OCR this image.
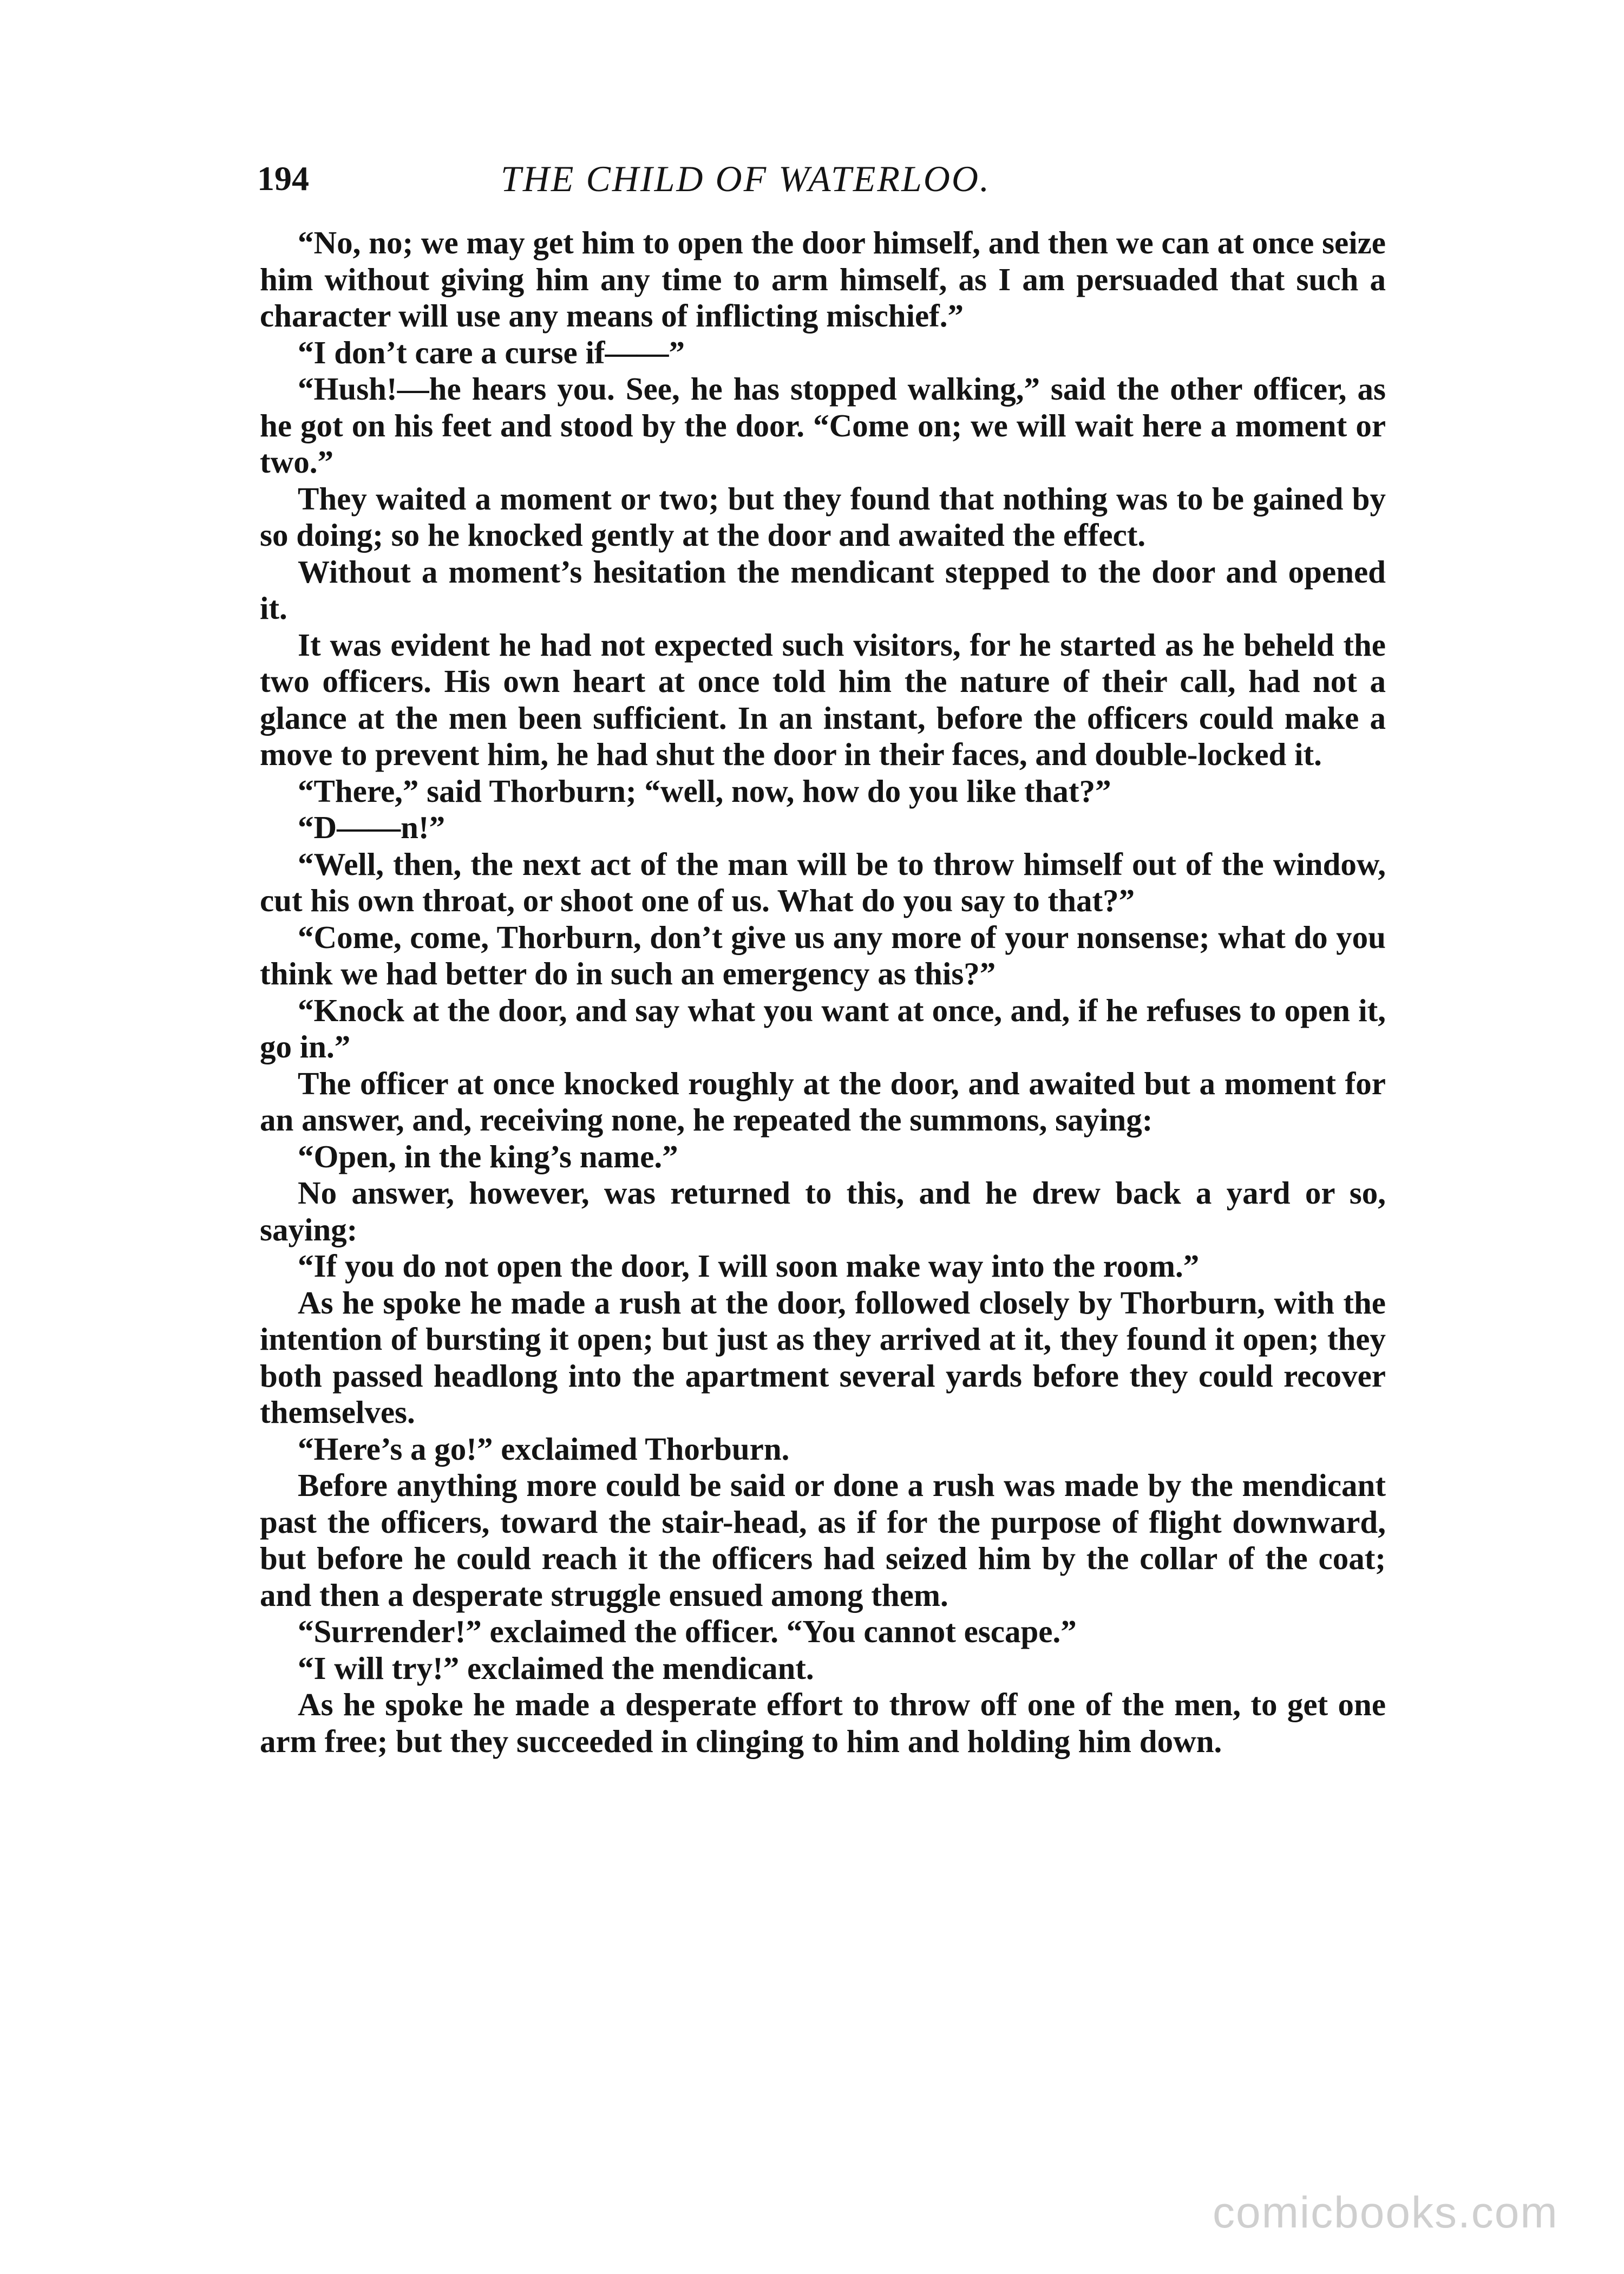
194	THE CHILD OF WATERLOO.

“No, no; we may get him to open the door himself, and then we can at once seize him without giving him any time to arm himself, as I am persuaded that such a character will use any means of inflicting mischief.”

“I don’t care a curse if——”

“Hush!—he hears you. See, he has stopped walking,” said the other officer, as he got on his feet and stood by the door. “Come on; we will wait here a moment or two.”

They waited a moment or two; but they found that nothing was to be gained by so doing; so he knocked gently at the door and awaited the effect.

Without a moment’s hesitation the mendicant stepped to the door and opened it.

It was evident he had not expected such visitors, for he started as he beheld the two officers. His own heart at once told him the nature of their call, had not a glance at the men been sufficient. In an instant, before the officers could make a move to prevent him, he had shut the door in their faces, and double-locked it.

“There,” said Thorburn; “well, now, how do you like that?”

“D——n!”

“Well, then, the next act of the man will be to throw himself out of the window, cut his own throat, or shoot one of us. What do you say to that?”

“Come, come, Thorburn, don’t give us any more of your nonsense; what do you think we had better do in such an emergency as this?”

“Knock at the door, and say what you want at once, and, if he refuses to open it, go in.”

The officer at once knocked roughly at the door, and awaited but a moment for an answer, and, receiving none, he repeated the summons, saying:

“Open, in the king’s name.”

No answer, however, was returned to this, and he drew back a yard or so, saying:

“If you do not open the door, I will soon make way into the room.”

As he spoke he made a rush at the door, followed closely by Thorburn, with the intention of bursting it open; but just as they arrived at it, they found it open; they both passed headlong into the apartment several yards before they could recover themselves.

“Here’s a go!” exclaimed Thorburn.

Before anything more could be said or done a rush was made by the mendicant past the officers, toward the stair-head, as if for the purpose of flight downward, but before he could reach it the officers had seized him by the collar of the coat; and then a desperate struggle ensued among them.

“Surrender!” exclaimed the officer. “You cannot escape.”

“I will try!” exclaimed the mendicant.

As he spoke he made a desperate effort to throw off one of the men, to get one arm free; but they succeeded in clinging to him and holding him down.

comicbooks.com
